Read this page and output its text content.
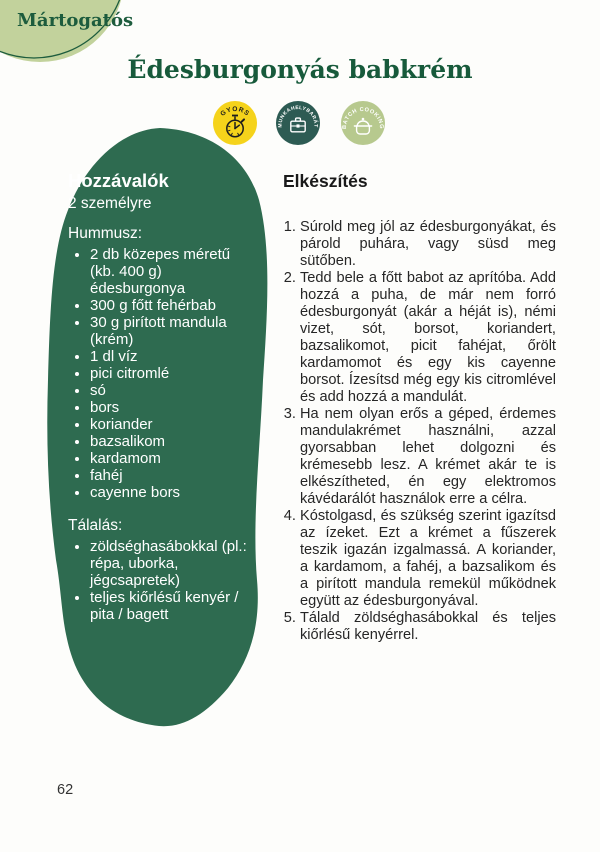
Mártogatós
Édesburgonyás babkrém
GYORS
MUNKAHELYBARÁT	BATCH COOKING
Hozzávalók
2 személyre
Hummusz:
• 2 db közepes méretű (kb. 400 g) édesburgonya
• 300 g főtt fehérbab
• 30 g pirított mandula (krém)
• 1 dl víz
• pici citromlé
• só
• bors
• koriander
• bazsalikom
• kardamom
• fahéj
• cayenne bors
Tálalás:
• zöldséghasábokkal (pl.: répa, uborka, jégcsapretek)
• teljes kiőrlésű kenyér / pita / bagett
Elkészítés
1. Súrold meg jól az édesburgonyákat, és párold puhára, vagy süsd meg sütőben.
2. Tedd bele a főtt babot az aprítóba. Add hozzá a puha, de már nem forró édesburgonyát (akár a héját is), némi vizet, sót, borsot, koriandert, bazsalikomot, picit fahéjat, őrölt kardamomot és egy kis cayenne borsot. Ízesítsd még egy kis citromlével és add hozzá a mandulát.
3. Ha nem olyan erős a géped, érdemes mandulakrémet használni, azzal gyorsabban lehet dolgozni és krémesebb lesz. A krémet akár te is elkészítheted, én egy elektromos kávédarálót használok erre a célra.
4. Kóstolgasd, és szükség szerint igazítsd az ízeket. Ezt a krémet a fűszerek teszik igazán izgalmassá. A koriander, a kardamom, a fahéj, a bazsalikom és a pirított mandula remekül működnek együtt az édesburgonyával.
5. Tálald zöldséghasábokkal és teljes kiőrlésű kenyérrel.
62
